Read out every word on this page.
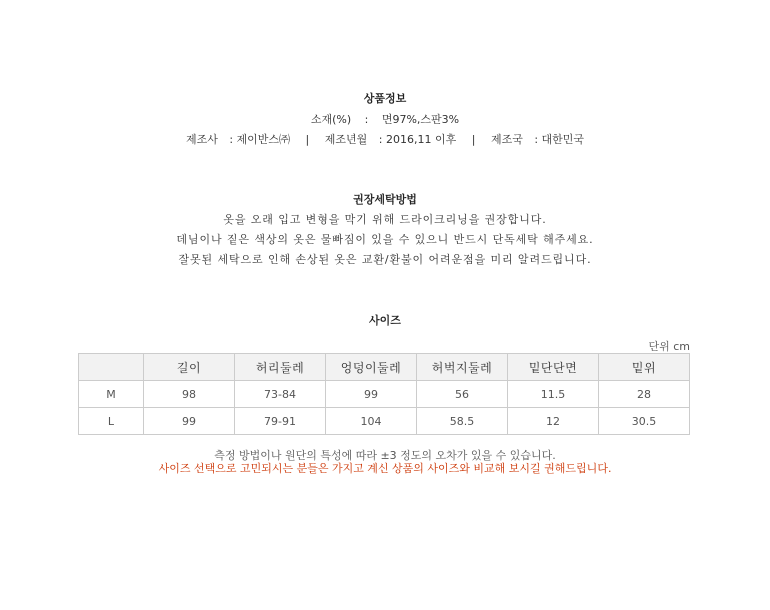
상품정보
소재(%) : 면97%,스판3%
제조사 : 제이반스㈜ | 제조년월 : 2016,11 이후 | 제조국 : 대한민국
권장세탁방법
옷을 오래 입고 변형을 막기 위해 드라이크리닝을 권장합니다.
데님이나 짙은 색상의 옷은 물빠짐이 있을 수 있으니 반드시 단독세탁 해주세요.
잘못된 세탁으로 인해 손상된 옷은 교환/환불이 어려운점을 미리 알려드립니다.
사이즈
단위 cm
	길이	허리둘레	엉덩이둘레	허벅지둘레	밑단단면	밑위
M	98	73-84	99	56	11.5	28
L	99	79-91	104	58.5	12	30.5
측정 방법이나 원단의 특성에 따라 ±3 정도의 오차가 있을 수 있습니다.
사이즈 선택으로 고민되시는 분들은 가지고 계신 상품의 사이즈와 비교해 보시길 권해드립니다.
